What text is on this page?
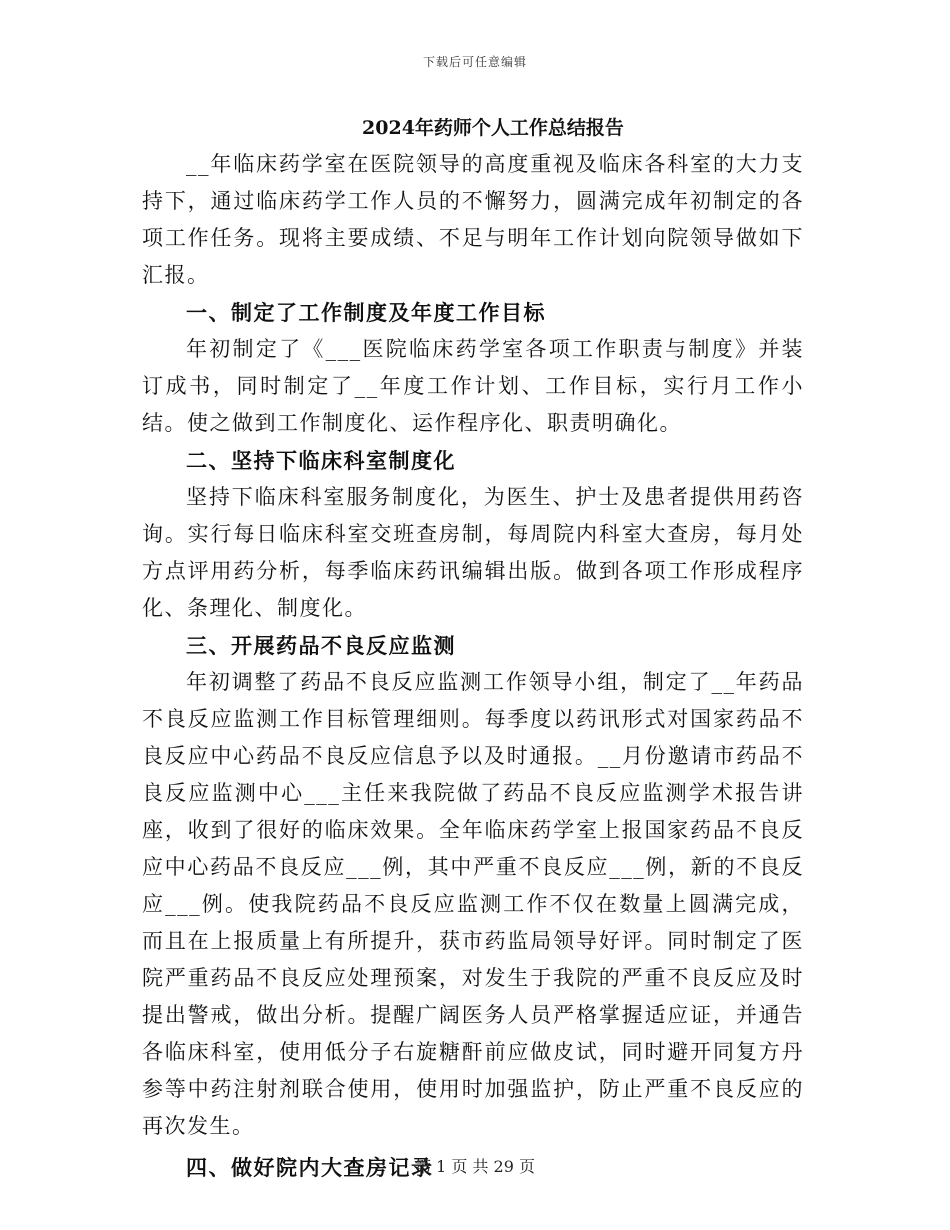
下载后可任意编辑

2024年药师个人工作总结报告

__年临床药学室在医院领导的高度重视及临床各科室的大力支持下，通过临床药学工作人员的不懈努力，圆满完成年初制定的各项工作任务。现将主要成绩、不足与明年工作计划向院领导做如下汇报。

一、制定了工作制度及年度工作目标

年初制定了《___医院临床药学室各项工作职责与制度》并装订成书，同时制定了__年度工作计划、工作目标，实行月工作小结。使之做到工作制度化、运作程序化、职责明确化。

二、坚持下临床科室制度化

坚持下临床科室服务制度化，为医生、护士及患者提供用药咨询。实行每日临床科室交班查房制，每周院内科室大查房，每月处方点评用药分析，每季临床药讯编辑出版。做到各项工作形成程序化、条理化、制度化。

三、开展药品不良反应监测

年初调整了药品不良反应监测工作领导小组，制定了__年药品不良反应监测工作目标管理细则。每季度以药讯形式对国家药品不良反应中心药品不良反应信息予以及时通报。__月份邀请市药品不良反应监测中心___主任来我院做了药品不良反应监测学术报告讲座，收到了很好的临床效果。全年临床药学室上报国家药品不良反应中心药品不良反应___例，其中严重不良反应___例，新的不良反应___例。使我院药品不良反应监测工作不仅在数量上圆满完成，而且在上报质量上有所提升，获市药监局领导好评。同时制定了医院严重药品不良反应处理预案，对发生于我院的严重不良反应及时提出警戒，做出分析。提醒广阔医务人员严格掌握适应证，并通告各临床科室，使用低分子右旋糖酐前应做皮试，同时避开同复方丹参等中药注射剂联合使用，使用时加强监护，防止严重不良反应的再次发生。

四、做好院内大查房记录

第 1 页 共 29 页
